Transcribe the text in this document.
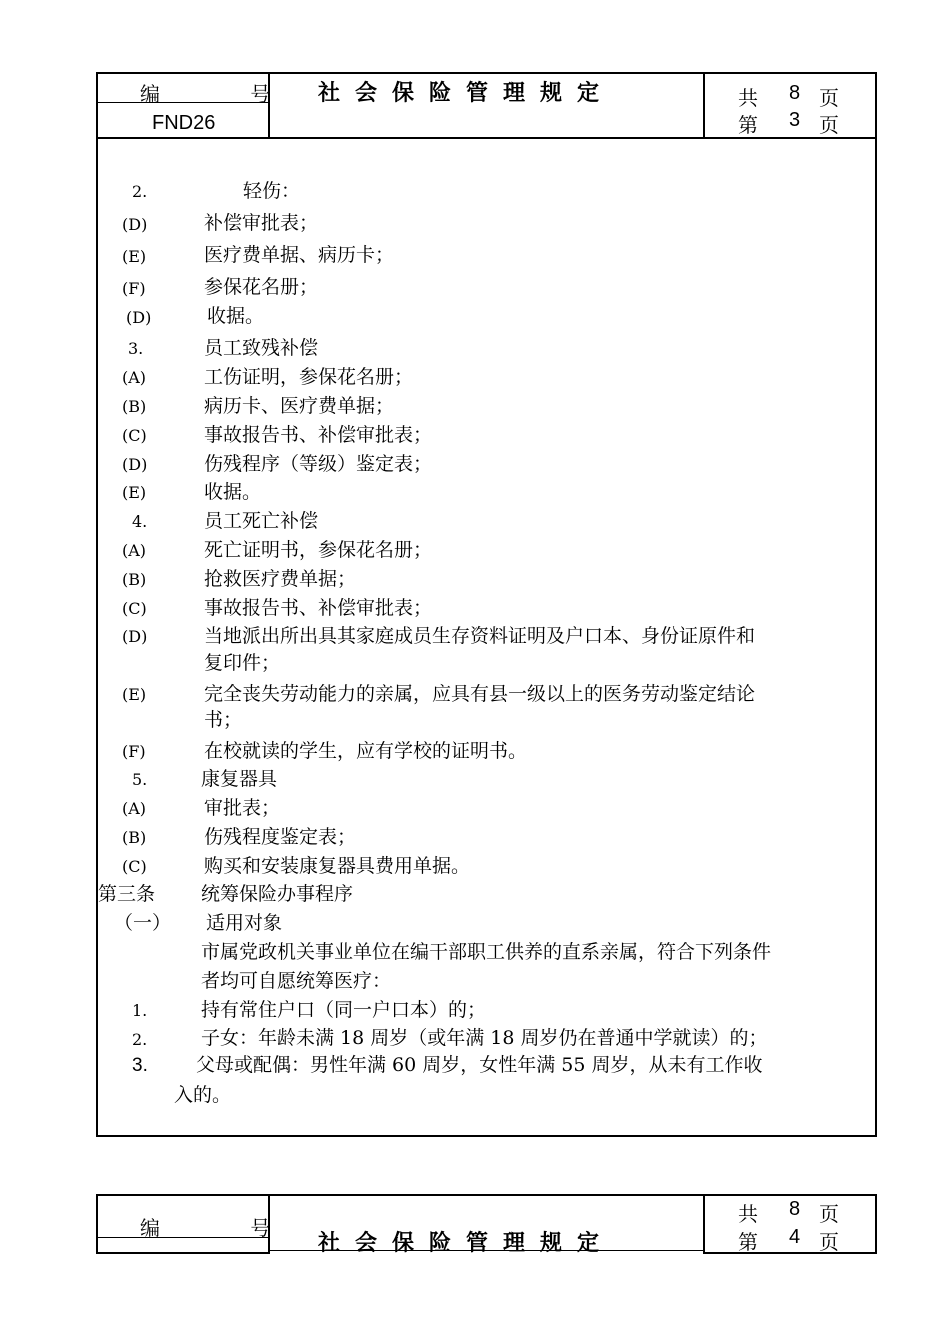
编 号
FND26
社会保险管理规定	共 8 页
第 3 页
2.	轻伤：
(D)	补偿审批表；
(E)	医疗费单据、病历卡；
(F)	参保花名册；
(D)	收据。
3.	员工致残补偿
(A)	工伤证明，参保花名册；
(B)	病历卡、医疗费单据；
(C)	事故报告书、补偿审批表；
(D)	伤残程序（等级）鉴定表；
(E)	收据。
4.	员工死亡补偿
(A)	死亡证明书，参保花名册；
(B)	抢救医疗费单据；
(C)	事故报告书、补偿审批表；
(D)	当地派出所出具其家庭成员生存资料证明及户口本、身份证原件和
复印件；
(E)	完全丧失劳动能力的亲属，应具有县一级以上的医务劳动鉴定结论
书；
(F)	在校就读的学生，应有学校的证明书。
5.	康复器具
(A)	审批表；
(B)	伤残程度鉴定表；
(C)	购买和安装康复器具费用单据。
第三条 统筹保险办事程序
（一） 适用对象
市属党政机关事业单位在编干部职工供养的直系亲属，符合下列条件
者均可自愿统筹医疗：
1.	持有常住户口（同一户口本）的；
2.	子女：年龄未满 18 周岁（或年满 18 周岁仍在普通中学就读）的；
3.	父母或配偶：男性年满 60 周岁，女性年满 55 周岁，从未有工作收
入的。
编 号
社会保险管理规定
共 8 页
第 4 页
